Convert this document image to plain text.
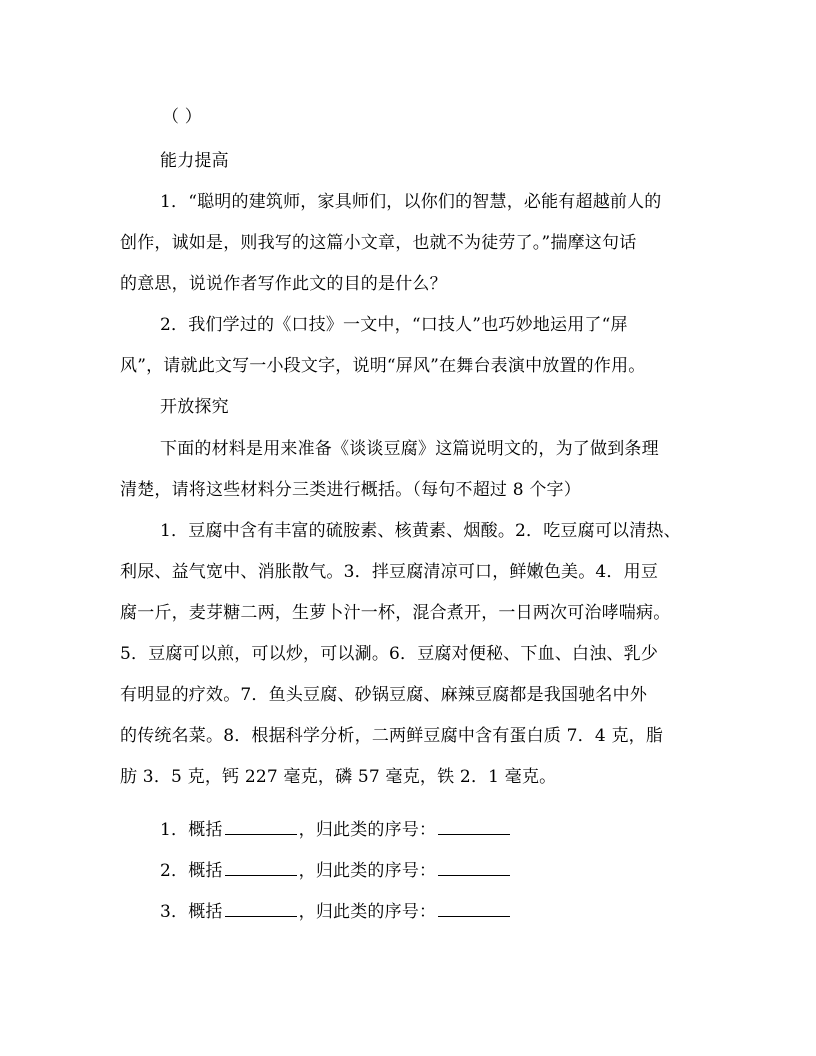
（ ）
能力提高
1．“聪明的建筑师，家具师们，以你们的智慧，必能有超越前人的
创作，诚如是，则我写的这篇小文章，也就不为徒劳了。”揣摩这句话
的意思，说说作者写作此文的目的是什么？
2．我们学过的《口技》一文中，“口技人”也巧妙地运用了“屏
风”，请就此文写一小段文字，说明“屏风”在舞台表演中放置的作用。
开放探究
下面的材料是用来准备《谈谈豆腐》这篇说明文的，为了做到条理
清楚，请将这些材料分三类进行概括。（每句不超过 8 个字）
1．豆腐中含有丰富的硫胺素、核黄素、烟酸。2．吃豆腐可以清热、
利尿、益气宽中、消胀散气。3．拌豆腐清凉可口，鲜嫩色美。4．用豆
腐一斤，麦芽糖二两，生萝卜汁一杯，混合煮开，一日两次可治哮喘病。
5．豆腐可以煎，可以炒，可以涮。6．豆腐对便秘、下血、白浊、乳少
有明显的疗效。7．鱼头豆腐、砂锅豆腐、麻辣豆腐都是我国驰名中外
的传统名菜。8．根据科学分析，二两鲜豆腐中含有蛋白质 7．4 克，脂
肪 3．5 克，钙 227 毫克，磷 57 毫克，铁 2．1 毫克。
1．概括	，归此类的序号：
2．概括	，归此类的序号：
3．概括	，归此类的序号：
